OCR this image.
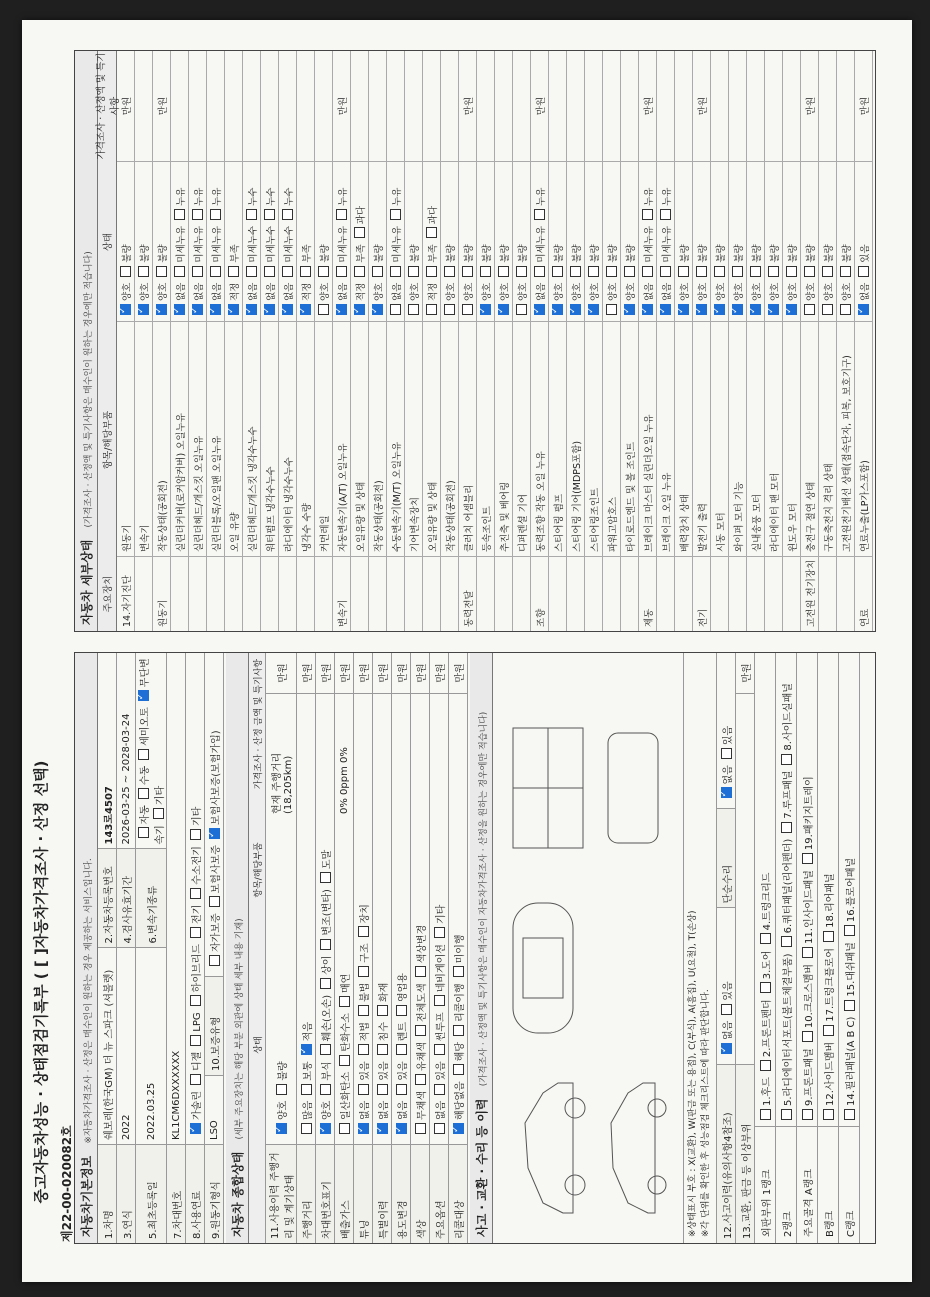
중고자동차성능 · 상태점검기록부 ( [ ]자동차가격조사 · 산정 선택) 제22-00-020082호 자동차기본정보 ※자동차가격조사 · 산정은 매수인이 원하는 경우 제공하는 서비스입니다.
1.차명
쉐보레(한국GM) 더 뉴 스파크 (셔볼렛)
2.자동차등록번호
143로4507
3.연식
2022
4.검사유효기간
2026-03-25 ~ 2028-03-24
5.최초등록일
2022.03.25
6.변속기종류
자동수동세미오토✓무단변속기기타
7.차대번호
KL1CM6DXXXXXX
8.사용연료
✓가솔린디젤LPG하이브리드전기수소전기기타
9.원동기형식
LSO
10.보증유형
자가보증보험사보증✓보험사보증(보험가입)
자동차 종합상태 (세부 주요장치는 해당 부분 외관에 상태 세부 내용 기재) 상태
항목/해당부품
가격조사 · 산정 금액 및 특기사항
11.사용이력 주행거리 및 계기상태
✓양호불량
현재 주행거리 (18,205km)
만원
주행거리
많음보통✓적음
만원
차대번호표기
✓양호부식훼손(오손)상이변조(변타)도말
만원
배출가스
일산화탄소탄화수소매연
0% 0ppm 0%
만원
튜닝
✓없음있음적법불법구조장치
만원
특별이력
✓없음있음침수화재
만원
용도변경
✓없음있음렌트영업용
만원
색상
무채색유채색전체도색색상변경
만원
주요옵션
없음있음썬루프네비게이션기타
만원
리콜대상
✓해당없음해당리콜이행미이행
만원
사고 · 교환 · 수리 등 이력 (가격조사 · 산정액 및 특기사항은 매수인이 자동차가격조사 · 산정을 원하는 경우에만 적습니다)	※상태표시 부호 : X(교환), W(판금 또는 용접), C(부식), A(흠집), U(요철), T(손상) ※각 단위를 확인한 후 성능점검 체크리스트에 따라 판단합니다.	12.사고이력(유의사항4참조)
✓없음있음
단순수리
✓없음있음
13.교환, 판금 등 이상부위
만원
외판부위 1랭크
1.후드2.프론트펜더3.도어4.트렁크리드
2랭크
5.라디에이터서포트(볼트체결부품)6.쿼터패널(리어펜더)7.루프패널8.사이드실패널
주요골격 A랭크
9.프론트패널10.크로스멤버11.인사이드패널19.패키지트레이
B랭크
12.사이드멤버17.트렁크플로어18.리어패널
C랭크
14.필러패널(A B C)15.대쉬패널16.플로어패널
자동차 세부상태 (가격조사 · 산정액 및 특기사항은 매수인이 원하는 경우에만 적습니다)
주요장치
항목/해당부품
상태
가격조사 · 산정액 및 특기사항
14.자기진단
원동기
✓양호
불량
만원
변속기
✓양호
불량
원동기
작동상태(공회전)
✓양호
불량
만원
실린더커버(로커암커버) 오일누유
✓없음
미세누유
누유
실린더헤드/개스킷 오일누유
✓없음
미세누유
누유
실린더블록/오일팬 오일누유
✓없음
미세누유
누유
오일 유량
✓적정
부족
실린더헤드/개스킷 냉각수누수
✓없음
미세누수
누수
워터펌프 냉각수누수
✓없음
미세누수
누수
라디에이터 냉각수누수
✓없음
미세누수
누수
냉각수 수량
✓적정
부족
커먼레일
양호
불량
변속기
자동변속기(A/T) 오일누유
✓없음
미세누유
누유
만원
오일유량 및 상태
✓적정
부족
과다
작동상태(공회전)
✓양호
불량
수동변속기(M/T) 오일누유
없음
미세누유
누유
기어변속장치
양호
불량
오일유량 및 상태
적정
부족
과다
작동상태(공회전)
양호
불량
동력전달
클러치 어셈블리
양호
불량
만원
등속조인트
✓양호
불량
추진축 및 베어링
✓양호
불량
디퍼렌셜 기어
양호
불량
조향
동력조향 작동 오일 누유
✓없음
미세누유
누유
만원
스티어링 펌프
✓양호
불량
스티어링 기어(MDPS포함)
✓양호
불량
스티어링조인트
✓양호
불량
파워고압호스
양호
불량
타이로드엔드 및 볼 조인트
✓양호
불량
제동
브레이크 마스터 실린더오일 누유
✓없음
미세누유
누유
만원
브레이크 오일 누유
✓없음
미세누유
누유
배력장치 상태
✓양호
불량
전기
발전기 출력
✓양호
불량
만원
시동 모터
✓양호
불량
와이퍼 모터 기능
✓양호
불량
실내송풍 모터
✓양호
불량
라디에이터 팬 모터
✓양호
불량
윈도우 모터
✓양호
불량
고전원 전기장치
충전구 절연 상태
양호
불량
만원
구동축전지 격리 상태
양호
불량
고전원전기배선 상태(접속단자, 피복, 보호기구)
양호
불량
연료
연료누출(LP가스포함)
✓없음
있음
만원
